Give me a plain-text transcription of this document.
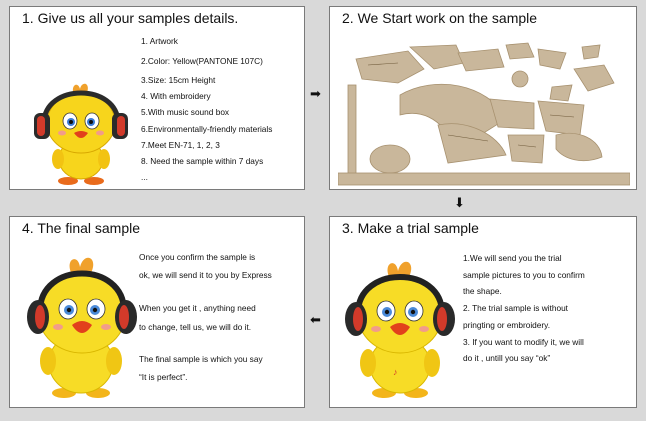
1. Give us all your samples details.
1. Artwork
2.Color: Yellow(PANTONE 107C)
3.Size: 15cm Height
4. With embroidery
5.With music sound box
6.Environmentally-friendly materials
7.Meet EN-71, 1, 2, 3
8. Need the sample within 7 days
...
➡
2. We Start work on the sample
⬇
4. The final sample
Once you confirm the sample is
ok, we will send it to you by Express
When you get it , anything need
to change, tell us, we will do it.
The final sample is which you say
“It is perfect”.
⬅
3. Make a trial sample
♪
1.We will send you the trial
sample pictures to you to confirm
the shape.
2. The trial sample is without
pringting or embroidery.
3. If you want to modify it, we will
do it , untill you say “ok”
